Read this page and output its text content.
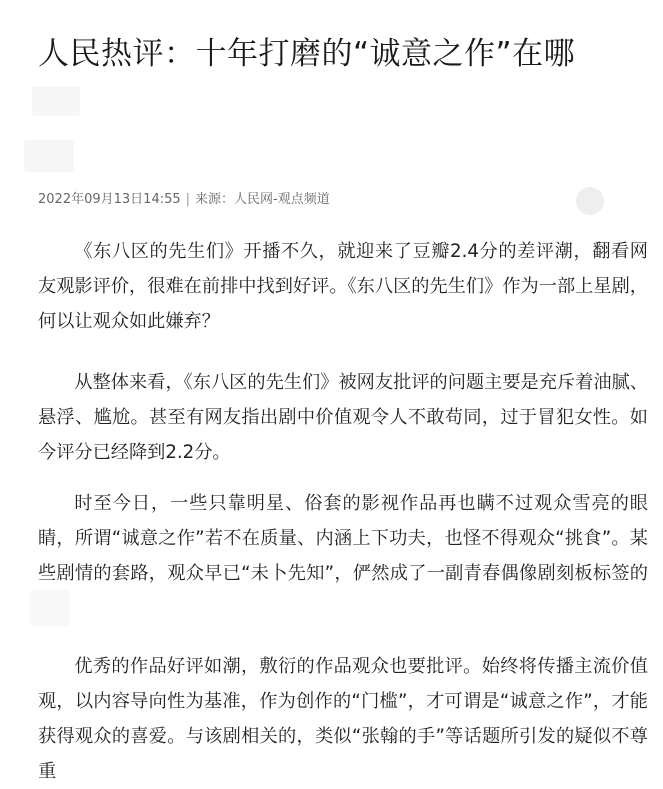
人民热评：十年打磨的“诚意之作”在哪
2022年09月13日14:55 | 来源：人民网-观点频道

《东八区的先生们》开播不久，就迎来了豆瓣2.4分的差评潮，翻看网友观影评价，很难在前排中找到好评。《东八区的先生们》作为一部上星剧，何以让观众如此嫌弃？

从整体来看，《东八区的先生们》被网友批评的问题主要是充斥着油腻、悬浮、尴尬。甚至有网友指出剧中价值观令人不敢苟同，过于冒犯女性。如今评分已经降到2.2分。

时至今日，一些只靠明星、俗套的影视作品再也瞒不过观众雪亮的眼睛，所谓“诚意之作”若不在质量、内涵上下功夫，也怪不得观众“挑食”。某些剧情的套路，观众早已“未卜先知”，俨然成了一副青春偶像剧刻板标签的

优秀的作品好评如潮，敷衍的作品观众也要批评。始终将传播主流价值观，以内容导向性为基准，作为创作的“门槛”，才可谓是“诚意之作”，才能获得观众的喜爱。与该剧相关的，类似“张翰的手”等话题所引发的疑似不尊重
